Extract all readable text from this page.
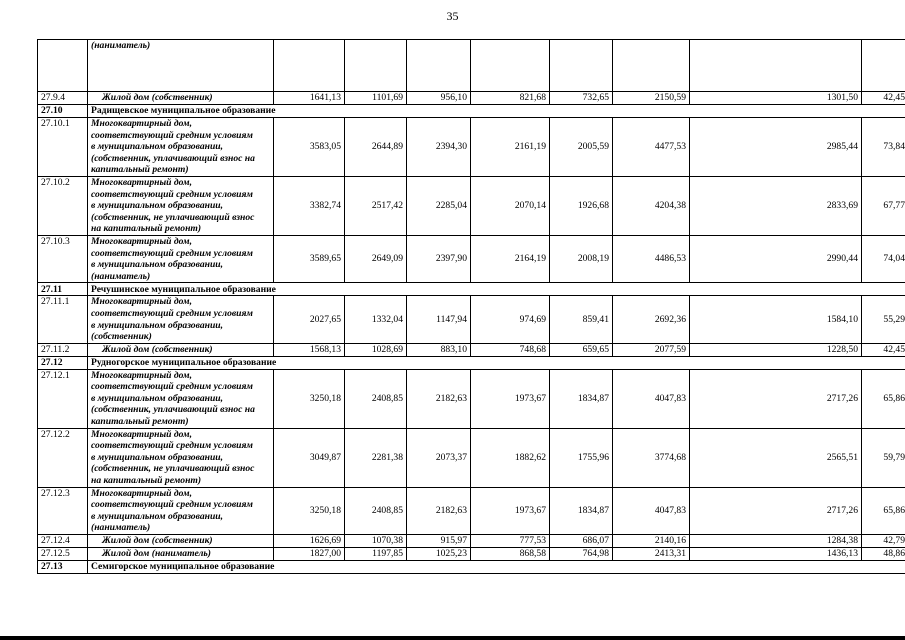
35
	(наниматель)								
27.9.4	Жилой дом (собственник)	1641,13	1101,69	956,10	821,68	732,65	2150,59	1301,50	42,45
27.10	Радищевское муниципальное образование								
27.10.1	Многоквартирный дом,
соответствующий средним условиям
в муниципальном образовании,
(собственник, уплачивающий взнос на
капитальный ремонт)	3583,05	2644,89	2394,30	2161,19	2005,59	4477,53	2985,44	73,84
27.10.2	Многоквартирный дом,
соответствующий средним условиям
в муниципальном образовании,
(собственник, не уплачивающий взнос
на капитальный ремонт)	3382,74	2517,42	2285,04	2070,14	1926,68	4204,38	2833,69	67,77
27.10.3	Многоквартирный дом,
соответствующий средним условиям
в муниципальном образовании,
(наниматель)	3589,65	2649,09	2397,90	2164,19	2008,19	4486,53	2990,44	74,04
27.11	Речушинское муниципальное образование								
27.11.1	Многоквартирный дом,
соответствующий средним условиям
в муниципальном образовании,
(собственник)	2027,65	1332,04	1147,94	974,69	859,41	2692,36	1584,10	55,29
27.11.2	Жилой дом (собственник)	1568,13	1028,69	883,10	748,68	659,65	2077,59	1228,50	42,45
27.12	Рудногорское муниципальное образование								
27.12.1	Многоквартирный дом,
соответствующий средним условиям
в муниципальном образовании,
(собственник, уплачивающий взнос на
капитальный ремонт)	3250,18	2408,85	2182,63	1973,67	1834,87	4047,83	2717,26	65,86
27.12.2	Многоквартирный дом,
соответствующий средним условиям
в муниципальном образовании,
(собственник, не уплачивающий взнос
на капитальный ремонт)	3049,87	2281,38	2073,37	1882,62	1755,96	3774,68	2565,51	59,79
27.12.3	Многоквартирный дом,
соответствующий средним условиям
в муниципальном образовании,
(наниматель)	3250,18	2408,85	2182,63	1973,67	1834,87	4047,83	2717,26	65,86
27.12.4	Жилой дом (собственник)	1626,69	1070,38	915,97	777,53	686,07	2140,16	1284,38	42,79
27.12.5	Жилой дом (наниматель)	1827,00	1197,85	1025,23	868,58	764,98	2413,31	1436,13	48,86
27.13	Семигорское муниципальное образование								
